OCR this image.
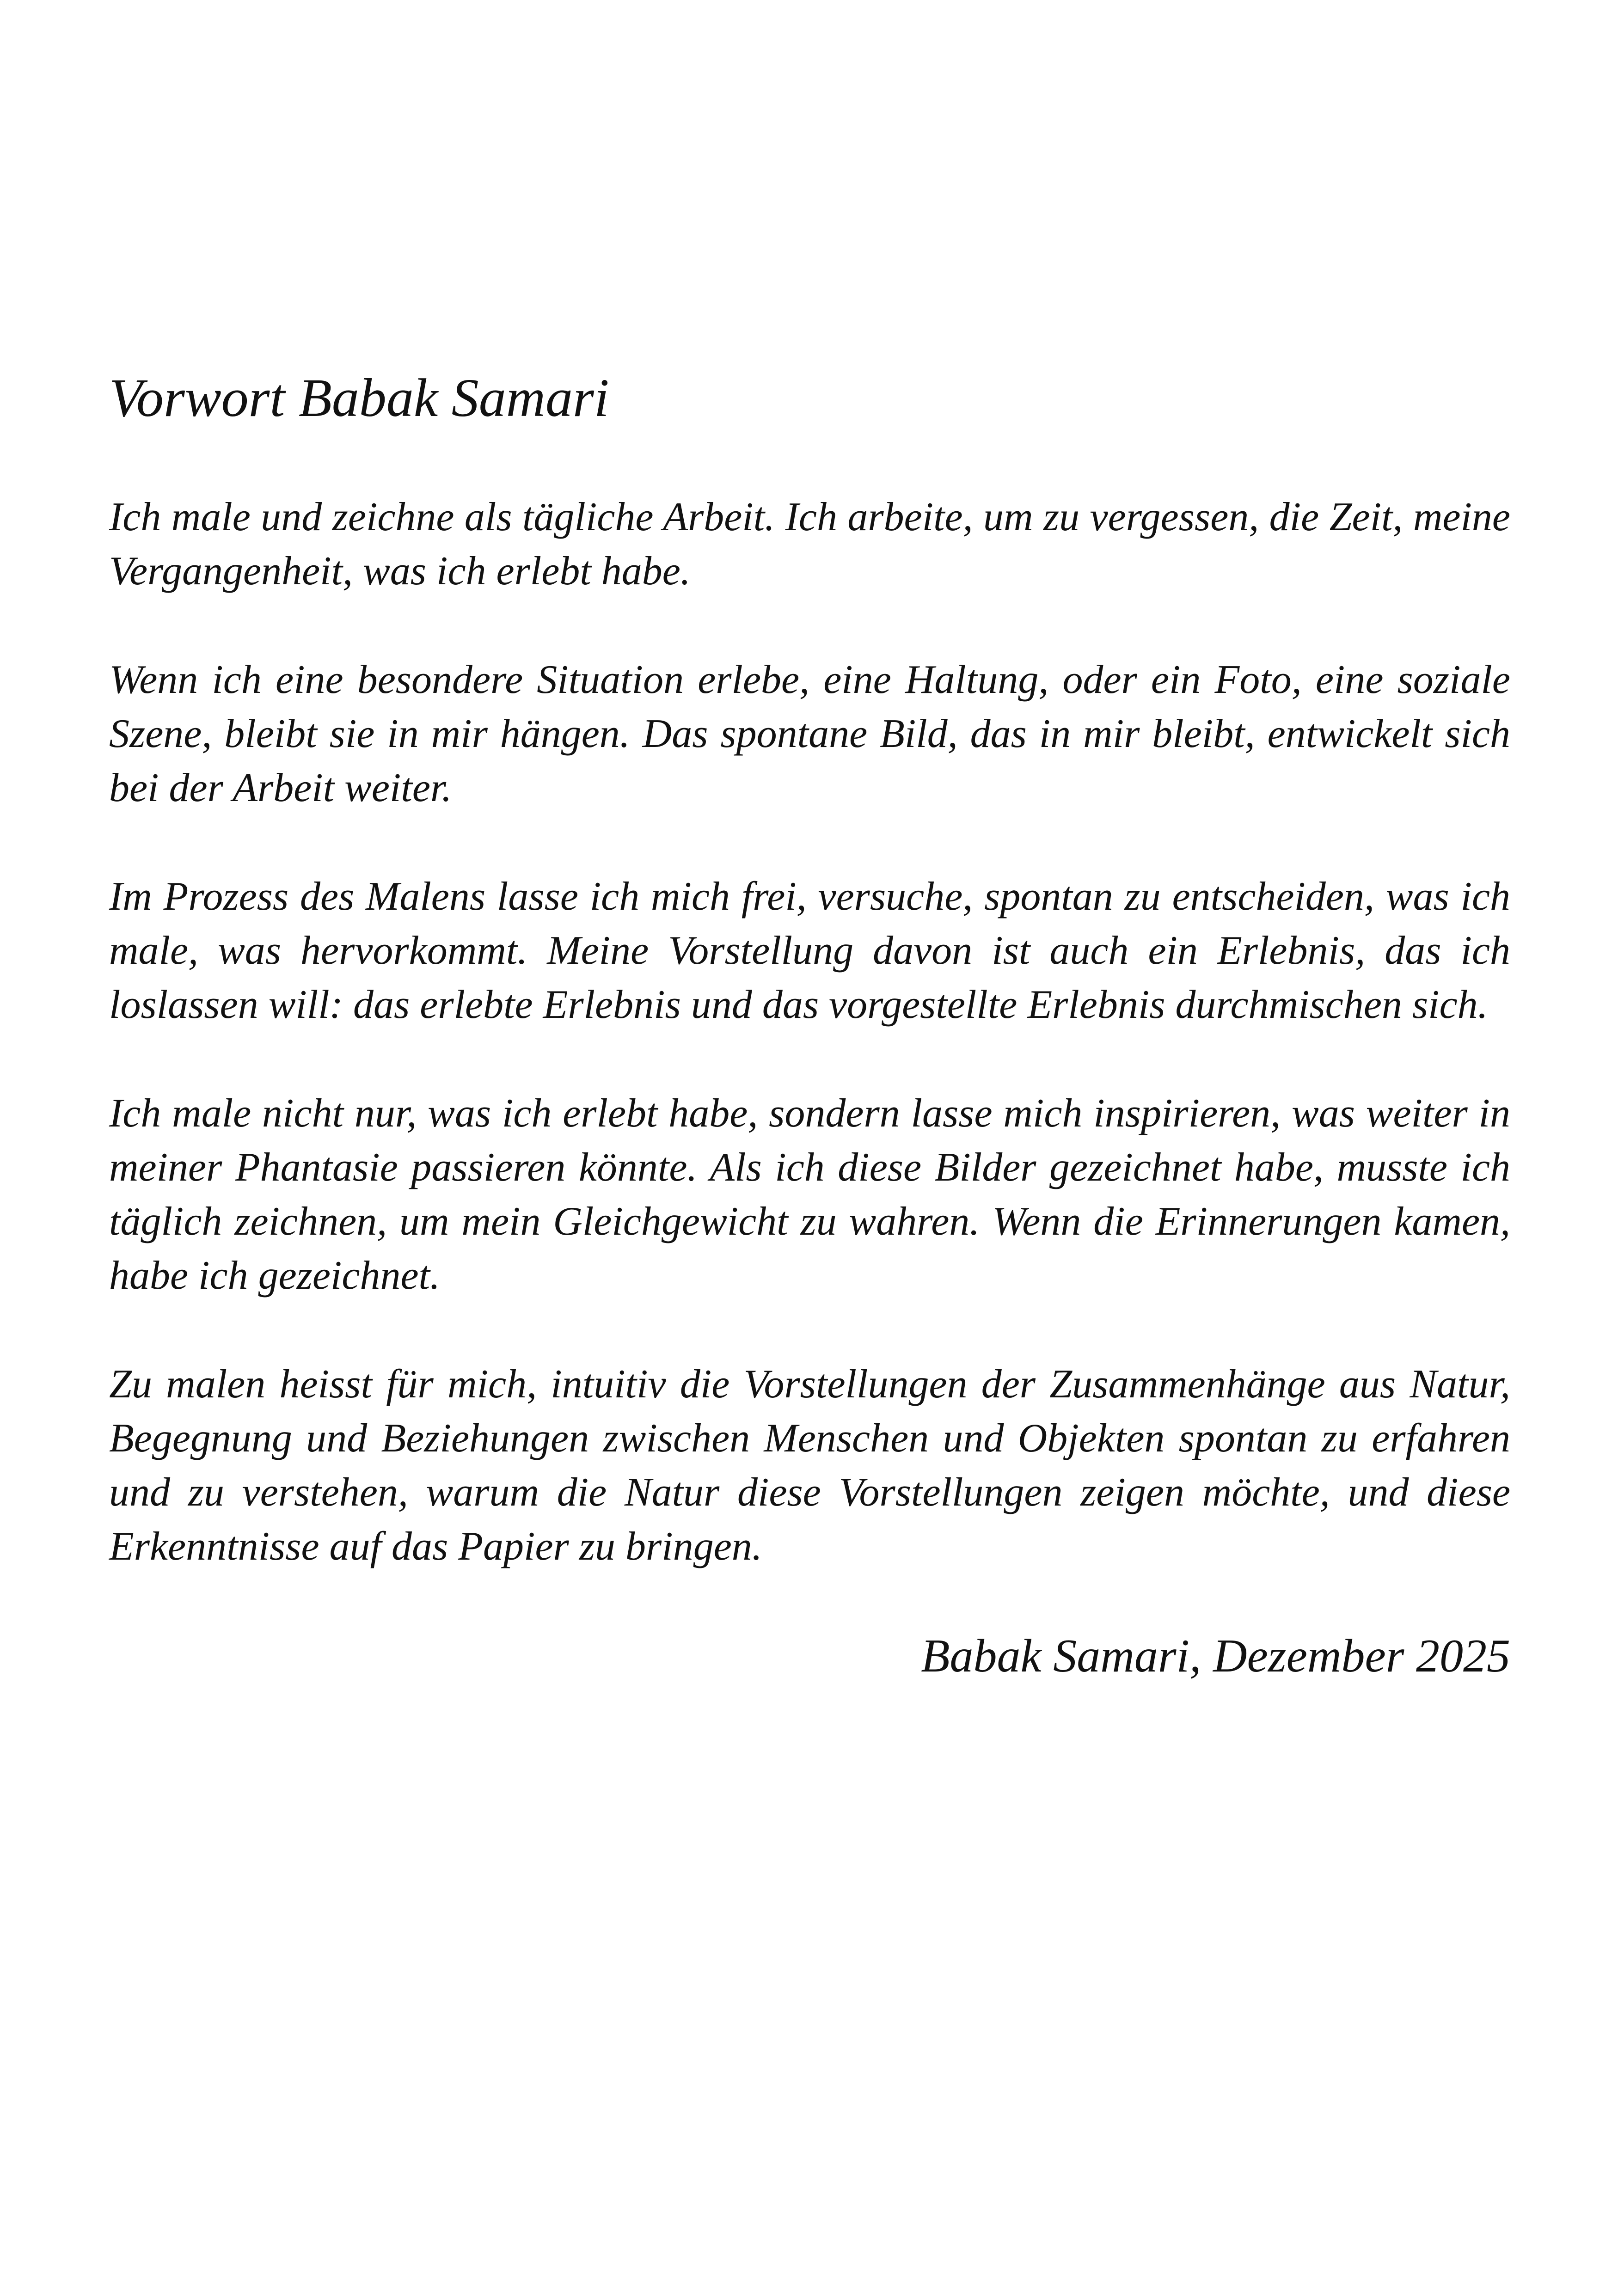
Vorwort Babak Samari

Ich male und zeichne als tägliche Arbeit. Ich arbeite, um zu vergessen, die Zeit, meine Vergangenheit, was ich erlebt habe.

Wenn ich eine besondere Situation erlebe, eine Haltung, oder ein Foto, eine soziale Szene, bleibt sie in mir hängen. Das spontane Bild, das in mir bleibt, entwickelt sich bei der Arbeit weiter.

Im Prozess des Malens lasse ich mich frei, versuche, spontan zu entscheiden, was ich male, was hervorkommt. Meine Vorstellung davon ist auch ein Erlebnis, das ich loslassen will: das erlebte Erlebnis und das vorgestellte Erlebnis durchmischen sich.

Ich male nicht nur, was ich erlebt habe, sondern lasse mich inspirieren, was weiter in meiner Phantasie passieren könnte. Als ich diese Bilder gezeichnet habe, musste ich täglich zeichnen, um mein Gleichgewicht zu wahren. Wenn die Erinnerungen kamen, habe ich gezeichnet.

Zu malen heisst für mich, intuitiv die Vorstellungen der Zusammenhänge aus Natur, Begegnung und Beziehungen zwischen Menschen und Objekten spontan zu erfahren und zu verstehen, warum die Natur diese Vorstellungen zeigen möchte, und diese Erkenntnisse auf das Papier zu bringen.

Babak Samari, Dezember 2025
